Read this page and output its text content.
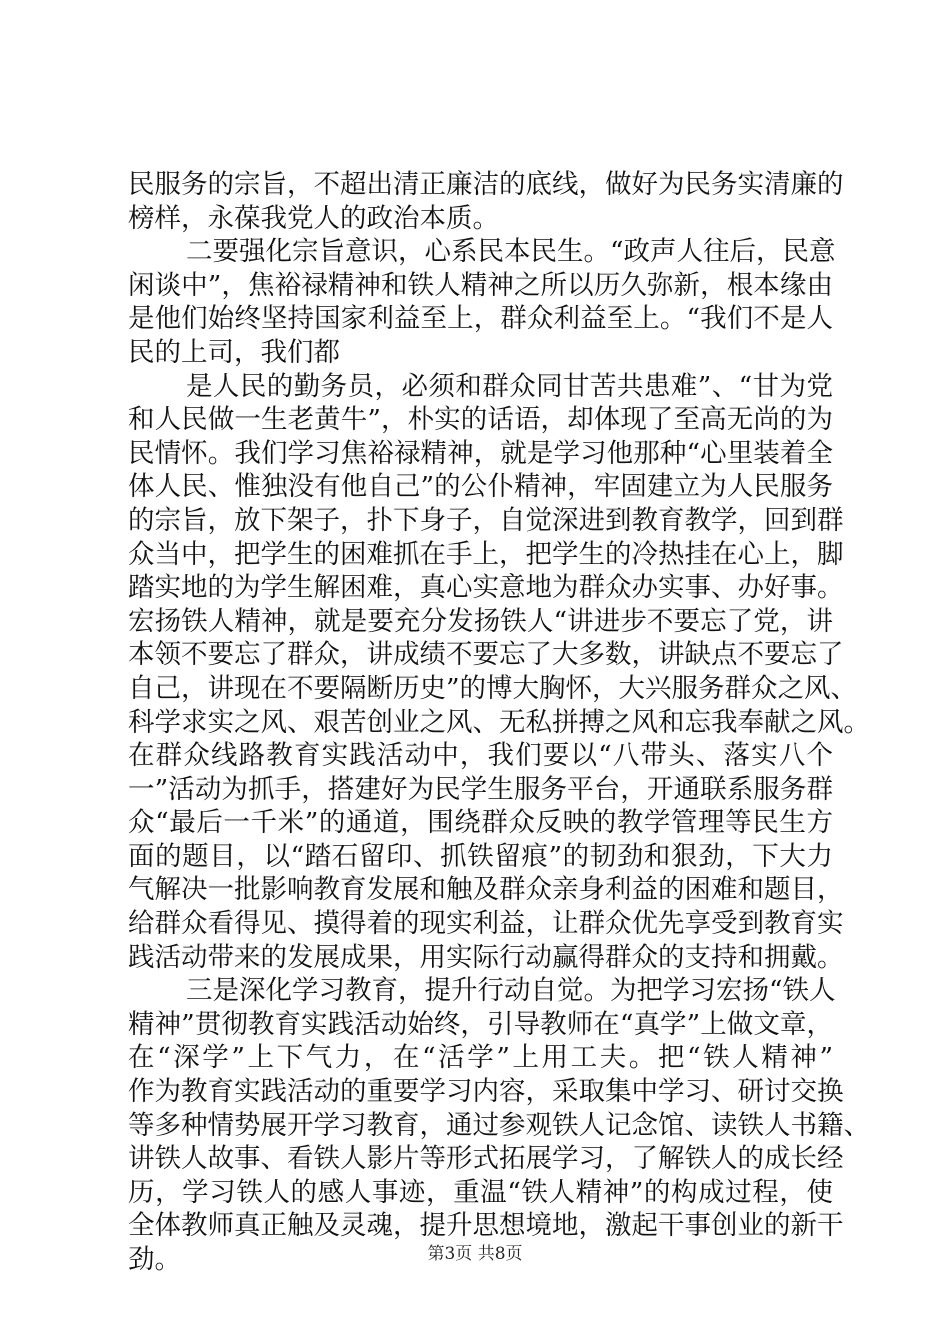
民服务的宗旨，不超出清正廉洁的底线，做好为民务实清廉的
榜样，永葆我党人的政治本质。
二要强化宗旨意识，心系民本民生。“政声人往后，民意
闲谈中”，焦裕禄精神和铁人精神之所以历久弥新，根本缘由
是他们始终坚持国家利益至上，群众利益至上。“我们不是人
民的上司，我们都
是人民的勤务员，必须和群众同甘苦共患难”、“甘为党
和人民做一生老黄牛”，朴实的话语，却体现了至高无尚的为
民情怀。我们学习焦裕禄精神，就是学习他那种“心里装着全
体人民、惟独没有他自己”的公仆精神，牢固建立为人民服务
的宗旨，放下架子，扑下身子，自觉深进到教育教学，回到群
众当中，把学生的困难抓在手上，把学生的冷热挂在心上，脚
踏实地的为学生解困难，真心实意地为群众办实事、办好事。
宏扬铁人精神，就是要充分发扬铁人“讲进步不要忘了党，讲
本领不要忘了群众，讲成绩不要忘了大多数，讲缺点不要忘了
自己，讲现在不要隔断历史”的博大胸怀，大兴服务群众之风、
科学求实之风、艰苦创业之风、无私拼搏之风和忘我奉献之风。
在群众线路教育实践活动中，我们要以“八带头、落实八个
一”活动为抓手，搭建好为民学生服务平台，开通联系服务群
众“最后一千米”的通道，围绕群众反映的教学管理等民生方
面的题目，以“踏石留印、抓铁留痕”的韧劲和狠劲，下大力
气解决一批影响教育发展和触及群众亲身利益的困难和题目，
给群众看得见、摸得着的现实利益，让群众优先享受到教育实
践活动带来的发展成果，用实际行动赢得群众的支持和拥戴。
三是深化学习教育，提升行动自觉。为把学习宏扬“铁人
精神”贯彻教育实践活动始终，引导教师在“真学”上做文章，
在“深学”上下气力，在“活学”上用工夫。把“铁人精神”
作为教育实践活动的重要学习内容，采取集中学习、研讨交换
等多种情势展开学习教育，通过参观铁人记念馆、读铁人书籍、
讲铁人故事、看铁人影片等形式拓展学习，了解铁人的成长经
历，学习铁人的感人事迹，重温“铁人精神”的构成过程，使
全体教师真正触及灵魂，提升思想境地，激起干事创业的新干
劲。	第3页 共8页
